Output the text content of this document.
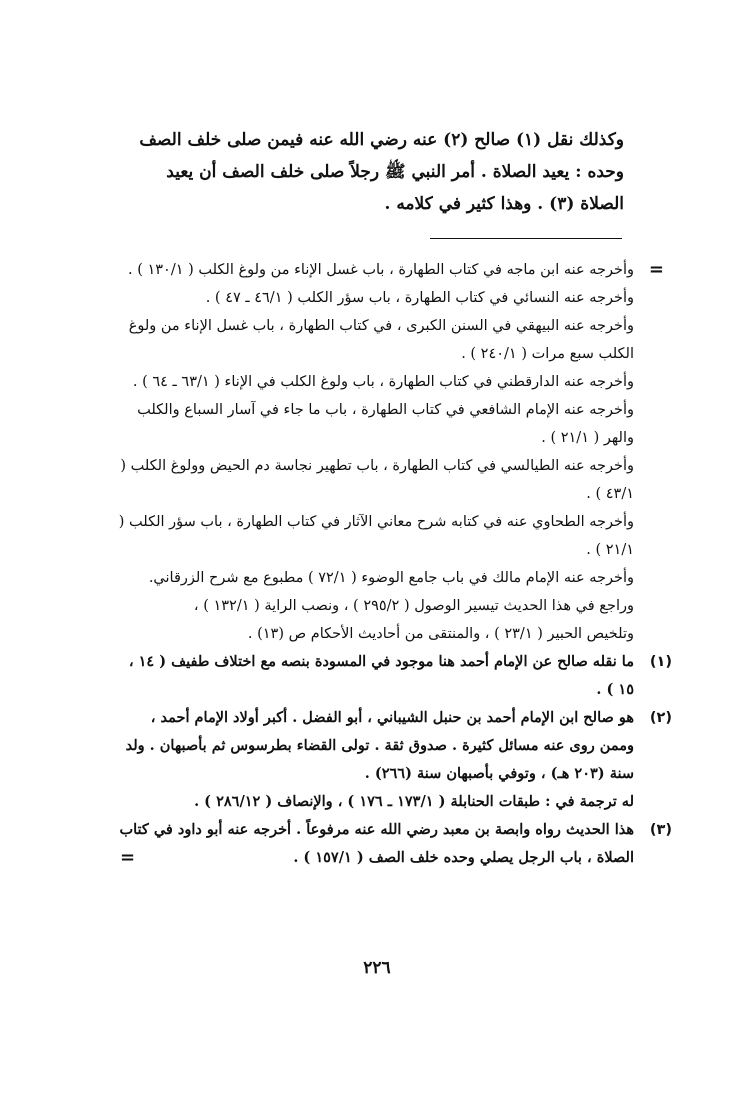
وكذلك نقل (١) صالح (٢) عنه رضي الله عنه فيمن صلى خلف الصف

وحده : يعيد الصلاة . أمر النبي ﷺ رجلاً صلى خلف الصف أن يعيد

الصلاة (٣) . وهذا كثير في كلامه .

=

وأخرجه عنه ابن ماجه في كتاب الطهارة ، باب غسل الإناء من ولوغ الكلب ( ١٣٠/١ ) .

وأخرجه عنه النسائي في كتاب الطهارة ، باب سؤر الكلب ( ٤٦/١ ـ ٤٧ ) .

وأخرجه عنه البيهقي في السنن الكبرى ، في كتاب الطهارة ، باب غسل الإناء من ولوغ الكلب سبع مرات ( ٢٤٠/١ ) .

وأخرجه عنه الدارقطني في كتاب الطهارة ، باب ولوغ الكلب في الإناء ( ٦٣/١ ـ ٦٤ ) .

وأخرجه عنه الإمام الشافعي في كتاب الطهارة ، باب ما جاء في آسار السباع والكلب والهر ( ٢١/١ ) .

وأخرجه عنه الطيالسي في كتاب الطهارة ، باب تطهير نجاسة دم الحيض وولوغ الكلب ( ٤٣/١ ) .

وأخرجه الطحاوي عنه في كتابه شرح معاني الآثار في كتاب الطهارة ، باب سؤر الكلب ( ٢١/١ ) .

وأخرجه عنه الإمام مالك في باب جامع الوضوء ( ٧٢/١ ) مطبوع مع شرح الزرقاني.

وراجع في هذا الحديث تيسير الوصول ( ٢٩٥/٢ ) ، ونصب الراية ( ١٣٢/١ ) ،

وتلخيص الحبير ( ٢٣/١ ) ، والمنتقى من أحاديث الأحكام ص (١٣) .

(١)

ما نقله صالح عن الإمام أحمد هنا موجود في المسودة بنصه مع اختلاف طفيف ( ١٤ ، ١٥ ) .

(٢)

هو صالح ابن الإمام أحمد بن حنبل الشيباني ، أبو الفضل . أكبر أولاد الإمام أحمد ، وممن روى عنه مسائل كثيرة . صدوق ثقة . تولى القضاء بطرسوس ثم بأصبهان . ولد سنة (٢٠٣ هـ) ، وتوفي بأصبهان سنة (٢٦٦) .

له ترجمة في : طبقات الحنابلة ( ١٧٣/١ ـ ١٧٦ ) ، والإنصاف ( ٢٨٦/١٢ ) .

(٣)

هذا الحديث رواه وابصة بن معبد رضي الله عنه مرفوعاً . أخرجه عنه أبو داود في كتاب الصلاة ، باب الرجل يصلي وحده خلف الصف ( ١٥٧/١ ) .

=
٢٢٦
